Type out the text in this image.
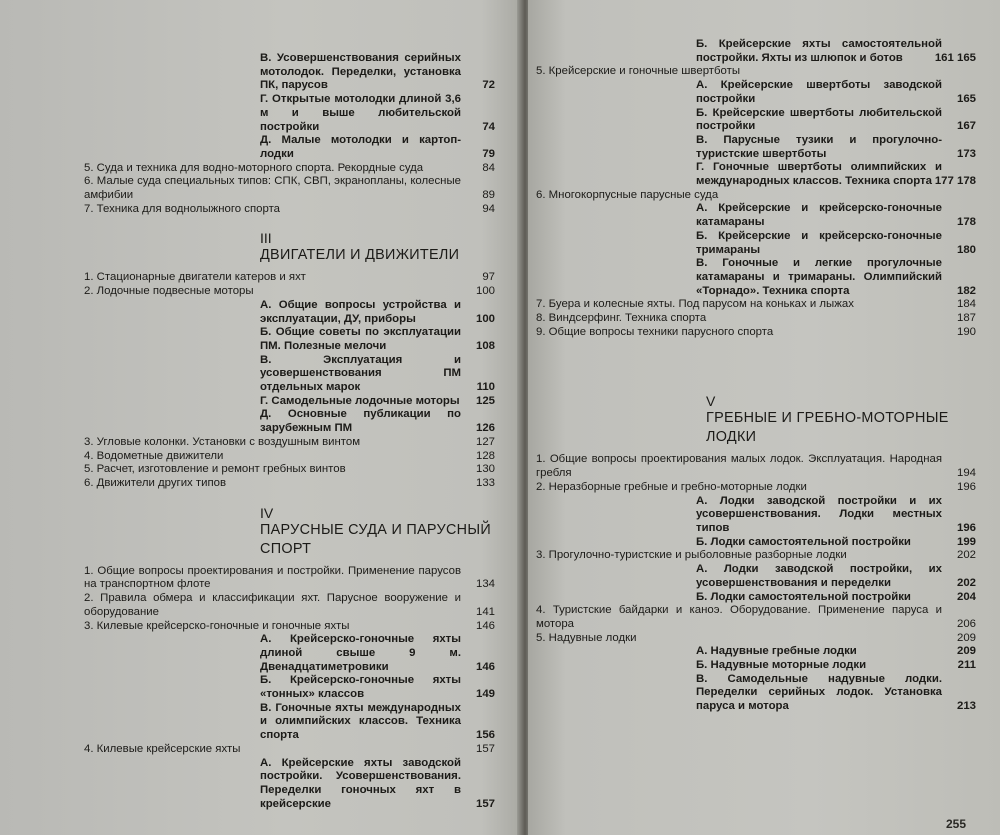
В. Усовершенствования серийных мотолодок. Переделки, установка ПК, парусов	72
Г. Открытые мотолодки длиной 3,6 м и выше любительской постройки	74
Д. Малые мотолодки и картоп-лодки	79
5. Суда и техника для водно-моторного спорта. Рекордные суда	84
6. Малые суда специальных типов: СПК, СВП, экранопланы, колесные амфибии	89
7. Техника для воднолыжного спорта	94
III
ДВИГАТЕЛИ И ДВИЖИТЕЛИ
1. Стационарные двигатели катеров и яхт	97
2. Лодочные подвесные моторы	100
А. Общие вопросы устройства и эксплуатации, ДУ, приборы	100
Б. Общие советы по эксплуатации ПМ. Полезные мелочи	108
В. Эксплуатация и усовершенствования ПМ отдельных марок	110
Г. Самодельные лодочные моторы	125
Д. Основные публикации по зарубежным ПМ	126
3. Угловые колонки. Установки с воздушным винтом	127
4. Водометные движители	128
5. Расчет, изготовление и ремонт гребных винтов	130
6. Движители других типов	133
IV
ПАРУСНЫЕ СУДА И ПАРУСНЫЙ СПОРТ
1. Общие вопросы проектирования и постройки. Применение парусов на транспортном флоте	134
2. Правила обмера и классификации яхт. Парусное вооружение и оборудование	141
3. Килевые крейсерско-гоночные и гоночные яхты	146
А. Крейсерско-гоночные яхты длиной свыше 9 м. Двенадцатиметровики	146
Б. Крейсерско-гоночные яхты «тонных» классов	149
В. Гоночные яхты международных и олимпийских классов. Техника спорта	156
4. Килевые крейсерские яхты	157
А. Крейсерские яхты заводской постройки. Усовершенствования. Переделки гоночных яхт в крейсерские	157
Б. Крейсерские яхты самостоятельной постройки. Яхты из шлюпок и ботов	161 165
5. Крейсерские и гоночные швертботы
А. Крейсерские швертботы заводской постройки	165
Б. Крейсерские швертботы любительской постройки	167
В. Парусные тузики и прогулочно-туристские швертботы	173
Г. Гоночные швертботы олимпийских и международных классов. Техника спорта 177 178
6. Многокорпусные парусные суда
А. Крейсерские и крейсерско-гоночные катамараны	178
Б. Крейсерские и крейсерско-гоночные тримараны	180
В. Гоночные и легкие прогулочные катамараны и тримараны. Олимпийский «Торнадо». Техника спорта	182
7. Буера и колесные яхты. Под парусом на коньках и лыжах	184
8. Виндсерфинг. Техника спорта	187
9. Общие вопросы техники парусного спорта	190
V
ГРЕБНЫЕ И ГРЕБНО-МОТОРНЫЕ ЛОДКИ
1. Общие вопросы проектирования малых лодок. Эксплуатация. Народная гребля	194
2. Неразборные гребные и гребно-моторные лодки	196
А. Лодки заводской постройки и их усовершенствования. Лодки местных типов	196
Б. Лодки самостоятельной постройки	199
3. Прогулочно-туристские и рыболовные разборные лодки	202
А. Лодки заводской постройки, их усовершенствования и переделки	202
Б. Лодки самостоятельной постройки	204
4. Туристские байдарки и каноэ. Оборудование. Применение паруса и мотора	206
5. Надувные лодки	209
А. Надувные гребные лодки	209
Б. Надувные моторные лодки	211
В. Самодельные надувные лодки. Переделки серийных лодок. Установка паруса и мотора	213
255
